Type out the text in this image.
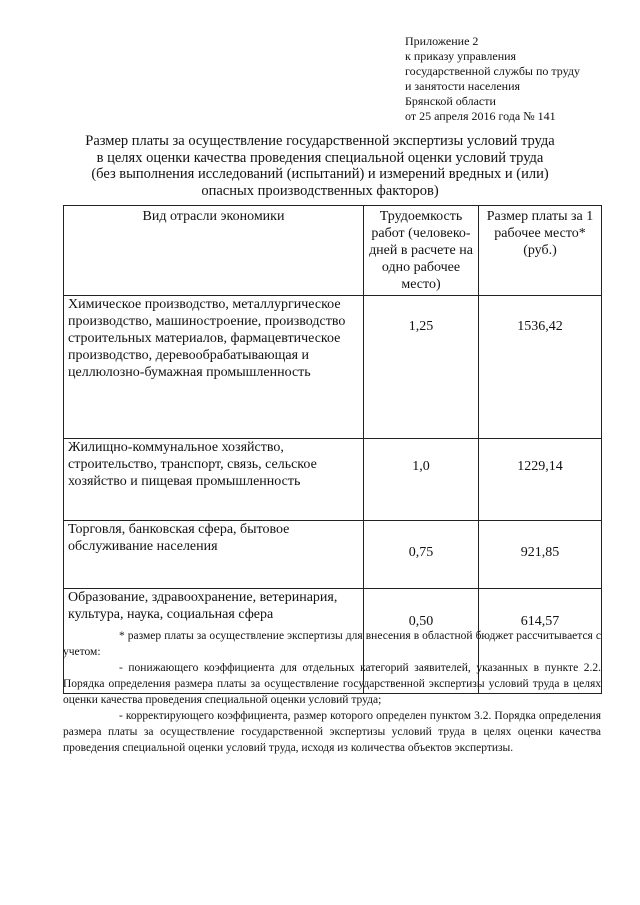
Приложение 2
к приказу управления
государственной службы по труду
и занятости населения
Брянской области
от 25 апреля 2016 года № 141
Размер платы за осуществление государственной экспертизы условий труда
в целях оценки качества проведения специальной оценки условий труда
(без выполнения исследований (испытаний) и измерений вредных и (или)
опасных производственных факторов)
Вид отрасли экономики	Трудоемкость работ (человеко-дней в расчете на одно рабочее место)	Размер платы за 1 рабочее место* (руб.)
Химическое производство, металлургическое производство, машиностроение, производство строительных материалов, фармацевтическое производство, деревообрабатывающая и целлюлозно-бумажная промышленность	1,25	1536,42
Жилищно-коммунальное хозяйство, строительство, транспорт, связь, сельское хозяйство и пищевая промышленность	1,0	1229,14
Торговля, банковская сфера, бытовое обслуживание населения	0,75	921,85
Образование, здравоохранение, ветеринария, культура, наука, социальная сфера	0,50	614,57

* размер платы за осуществление экспертизы для внесения в областной бюджет рассчитывается с учетом:

- понижающего коэффициента для отдельных категорий заявителей, указанных в пункте 2.2. Порядка определения размера платы за осуществление государственной экспертизы условий труда в целях оценки качества проведения специальной оценки условий труда;

- корректирующего коэффициента, размер которого определен пунктом 3.2. Порядка определения размера платы за осуществление государственной экспертизы условий труда в целях оценки качества проведения специальной оценки условий труда, исходя из количества объектов экспертизы.
